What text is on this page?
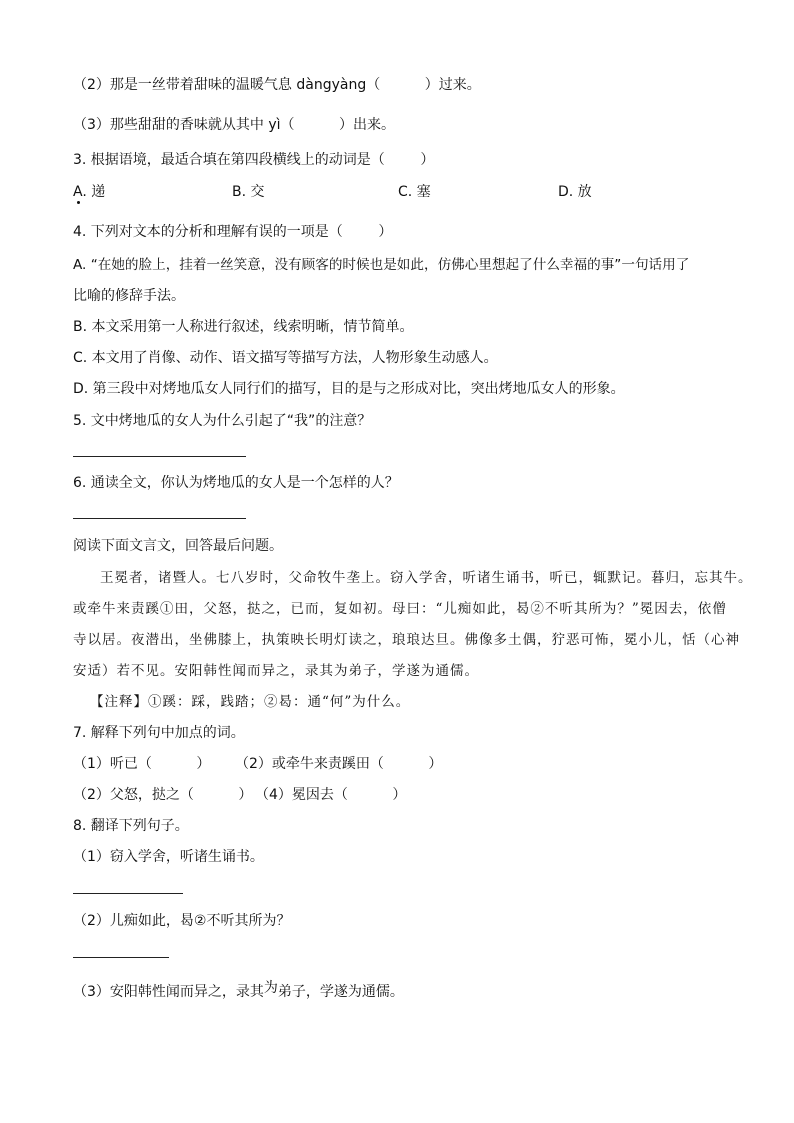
（2）那是一丝带着甜味的温暖气息 dàngyàng（          ）过来。
（3）那些甜甜的香味就从其中 yì（          ）出来。
3. 根据语境，最适合填在第四段横线上的动词是（        ）
A. 递	B. 交	C. 塞	D. 放
4. 下列对文本的分析和理解有误的一项是（        ）
A. “在她的脸上，挂着一丝笑意，没有顾客的时候也是如此，仿佛心里想起了什么幸福的事”一句话用了
比喻的修辞手法。
B. 本文采用第一人称进行叙述，线索明晰，情节简单。
C. 本文用了肖像、动作、语文描写等描写方法，人物形象生动感人。
D. 第三段中对烤地瓜女人同行们的描写，目的是与之形成对比，突出烤地瓜女人的形象。
5. 文中烤地瓜的女人为什么引起了“我”的注意？
6. 通读全文，你认为烤地瓜的女人是一个怎样的人？
阅读下面文言文，回答最后问题。
王冕者，诸暨人。七八岁时，父命牧牛垄上。窃入学舍，听诸生诵书，听已，辄默记。暮归，忘其牛。
或牵牛来责蹊①田，父怒，挞之，已而，复如初。母曰：“儿痴如此，曷②不听其所为？”冕因去，依僧
寺以居。夜潜出，坐佛膝上，执策映长明灯读之，琅琅达旦。佛像多土偶，狞恶可怖，冕小儿，恬（心神
安适）若不见。安阳韩性闻而异之，录其为弟子，学遂为通儒。
【注释】①蹊：踩，践踏；②曷：通“何”为什么。
7. 解释下列句中加点的词。
（1）听已（          ） （2）或牵牛来责蹊田（          ）
（2）父怒，挞之（          ） （4）冕因去（          ）
8. 翻译下列句子。
（1）窃入学舍，听诸生诵书。
（2）儿痴如此，曷②不听其所为？
（3）安阳韩性闻而异之，录其为弟子，学遂为通儒。
